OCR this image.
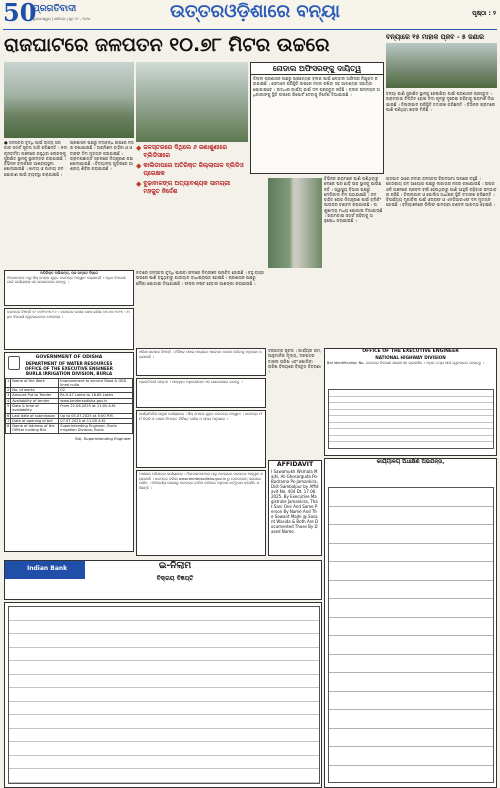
50
ପ୍ରଗତିବାଦୀ
ଭୁବନେଶ୍ୱର | ଶନିବାର | ଜୁନ ୧୯ , ୨୦୨୫	ଉତ୍ତରଓଡ଼ିଶାରେ ବନ୍ୟା	ପୃଷ୍ଠା : ୨
ରାଜଘାଟରେ ଜଳପତନ ୧୦.୭୮ ମିଟର ଉଚ୍ଚରେ	ବନ୍ୟାରେ ୧୫ ମାହାକ ପ୍ଳବ - ୫ ଜଣାର
ବନ୍ୟା ପାଣି ସୁରକ୍ଷିତ ସ୍ଥାନକୁ ନେଇଯିବା ପାଇଁ ପ୍ରଶାସନ ପ୍ରସ୍ତୁତ । ଗ୍ରାମବାସୀ ଚିନ୍ତିତ ହୋଇ ନଦୀ କୂଳରୁ ଦୂରେଇ ରହିବାକୁ ପରାମର୍ଶ ଦିଆଯାଇଛି । ଜିଲ୍ଲାପାଳ ପରିସ୍ଥିତି ତଦାରଖ କରିଛନ୍ତି । ବିଭିନ୍ନ ଗ୍ରାମରେ ପାଣି ପଶିଥିବା ଖବର ମିଳିଛି ।
● ଜଳସ୍ତର ବୃଦ୍ଧି ପାଇଁ ରାଜ୍ୟ ସରକାର ସତର୍କ ସୂଚନା ଜାରି କରିଛନ୍ତି । ନଦୀ କୂଳବର୍ତ୍ତୀ ଅଞ୍ଚଳରେ ରହୁଥିବା ଲୋକଙ୍କୁ ସୁରକ୍ଷିତ ସ୍ଥାନକୁ ସ୍ଥାନାନ୍ତର କରାଯାଉଛି । ବିଭିନ୍ନ ବ୍ଲକରେ ଆଶ୍ରୟସ୍ଥଳୀ ଖୋଲାଯାଇଛି । ଖାଦ୍ୟ ଓ ପାନୀୟ ଜଳ ଯୋଗାଣ ପାଇଁ ବ୍ୟବସ୍ଥା କରାଯାଇଛି ।
ପ୍ରଶାସନ ପକ୍ଷରୁ ନଦୀବନ୍ଧ ଉପରେ ନଜର ରଖାଯାଇଛି । ଅଗ୍ନିଶମ ବାହିନୀ ଓ ଓଡ୍ରାଫ ଟିମ ମୁତୟନ କରାଯାଇଛି । ଗ୍ରାମପଞ୍ଚାୟତ ସ୍ତରରେ ନିୟନ୍ତ୍ରଣ କକ୍ଷ ଖୋଲାଯାଇଛି । ବିଦ୍ୟାଳୟ ଗୁଡ଼ିକରେ ଆଶ୍ରୟ ଶିବିର କରାଯାଇଛି ।
ନୋଡାଲ ଅଫିସରଙ୍କୁ ଦାୟିତ୍ୱ
ଜିଲ୍ଲା ପ୍ରଶାସନ ପକ୍ଷରୁ ପ୍ରତ୍ୟେକ ବ୍ଲକ ପାଇଁ ନୋଡାଲ ଅଫିସର ନିଯୁକ୍ତ କରାଯାଇଛି । ସେମାନେ ପରିସ୍ଥିତି ଉପରେ ନଜର ରଖିବା ସହ ଆବଶ୍ୟକ ସହାୟତା ଯୋଗାଇବେ । ଉଦ୍ଧାର କାର୍ଯ୍ୟ ପାଇଁ ଦଳ ପ୍ରସ୍ତୁତ ରହିଛି । ବ୍ଲକ ଉନ୍ନୟନ ଅଧିକାରୀଙ୍କୁ ସ୍ଥିତି ଉପରେ ରିପୋର୍ଟ ଦେବାକୁ ନିର୍ଦ୍ଦେଶ ଦିଆଯାଇଛି ।
◆ ଜଳସ୍ତରରେ ଦିଥିଲେ ୬ ଜଣାଶୁଣାରେ ବ୍ଲିଡିସୀରେ
◆ କାଲିଡାପରେ ଅତିରିକ୍ତ ଜିଲ୍ଲାପାଳ ବ୍ଲିଡିଓ ପ୍ରେକ୍ଷକ
◆ ବୁଢାବାଳଙ୍ଗ ଅତ୍ୟାବଶ୍ୟକ ସାମଗ୍ରୀ ମହଜୁତ ନିର୍ଦ୍ଦେଶ
ନଦୀରେ ଜଳସ୍ତର ବୃଦ୍ଧି ପାଇବା ଫଳରେ ନିମ୍ନାଞ୍ଚଳ ପ୍ଳାବିତ ହୋଇଛି । ବହୁ ରାସ୍ତା ଉପରେ ପାଣି ବହୁଥିବାରୁ ଯାତାୟାତ ବାଧାପ୍ରାପ୍ତ ହୋଇଛି । ପ୍ରଶାସନ ପକ୍ଷରୁ ନୌକା ଯୋଗାଇ ଦିଆଯାଇଛି । ଫସଲ ନଷ୍ଟ ହେବାର ଆଶଙ୍କା କରାଯାଉଛି ।
ବିଭିନ୍ନ ଗ୍ରାମରେ ପାଣି ପଶିଥିବାରୁ ଲୋକେ ଘର ଛାଡ଼ି ଉଚ୍ଚ ସ୍ଥାନକୁ ଯାଉଛନ୍ତି । ସ୍ୱାସ୍ଥ୍ୟ ବିଭାଗ ପକ୍ଷରୁ ମେଡିକାଲ ଟିମ ପଠାଯାଇଛି । ଜଳବାହିତ ରୋଗ ନିୟନ୍ତ୍ରଣ ପାଇଁ ବ୍ଲିଚିଂ ପାଉଡର ବଣ୍ଟନ କରାଯାଉଛି । ପଶୁଖାଦ୍ୟ ମଧ୍ୟ ଯୋଗାଇ ଦିଆଯାଉଛି । ଗ୍ରାମବାସୀ ସତର୍କ ରହିବାକୁ ଅନୁରୋଧ କରାଯାଇଛି ।
ରାଜଘାଟ ଠାରେ ନଦୀର ଜଳସ୍ତର ବିପଦସୀମା ଉପରେ ବହୁଛି । କେନ୍ଦ୍ରୀୟ ଜଳ ଆୟୋଗ ପକ୍ଷରୁ ଲଗାତାର ନଜର ରଖାଯାଉଛି । ଉପରଓଳି ଅଞ୍ଚଳରେ ପ୍ରବଳ ବର୍ଷା ହେଉଥିବାରୁ ପାଣି ଆହୁରି ବଢ଼ିବାର ସମ୍ଭାବନା ରହିଛି । ଜିଲ୍ଲାପାଳ ଓ ପୋଲିସ ଅଧୀକ୍ଷକ ସ୍ଥିତି ତଦାରଖ କରିଛନ୍ତି । ବିପର୍ଯ୍ୟୟ ମୁକାବିଲା ପାଇଁ ଓଡ୍ରାଫ ଓ ଏନଡିଆରଏଫ ଦଳ ମୁତୟନ ହୋଇଛି । ବନ୍ୟାଞ୍ଚଳରେ ରିଲିଫ ସାମଗ୍ରୀ ବଣ୍ଟନ ଆରମ୍ଭ ହୋଇଛି ।
ଅତିରିକ୍ତ ଅଭିଯନ୍ତା, ଜଳ ସମ୍ପଦ ବିଭାଗ
ଠିକାଦାରଙ୍କ ଠାରୁ ସିଲ୍ ମୋହର ଯୁକ୍ତ ଦରପତ୍ର ଆହ୍ୱାନ କରାଯାଉଛି । ଅଧିକ ବିବରଣୀ ପାଇଁ କାର୍ଯ୍ୟାଳୟ ସହ ଯୋଗାଯୋଗ କରନ୍ତୁ ।
ଦରପତ୍ର ବିଜ୍ଞପ୍ତି ନଂ ୦୧/୨୦୨୫-୨୬ । ଦରପତ୍ର ଦାଖଲ ଶେଷ ତାରିଖ ୦୫.୦୭.୨୦୨୫ । ଅଧିକ ବିବରଣୀ ୱେବସାଇଟରେ ଉପଲବ୍ଧ ।
GOVERNMENT OF ODISHA
DEPARTMENT OF WATER RESOURCES
OFFICE OF THE EXECUTIVE ENGINEER
BURLA IRRIGATION DIVISION, BURLA
1	Name of the Work	Improvement to service Road & GED lined nulla
2	No. of works	02
3	Amount Put to Tender	Rs.9.47 Lakhs to 18.65 Lakhs
4	Availability of tender	www.tendersodisha.gov.in
5	Date & time of availability	From 22.06.2025 at 11:00 A.M.
6	Last date of submission	Up to 05.07.2025 at 5:00 P.M.
7	Date of opening of bid	07.07.2025 at 11:00 A.M.
8	Name of Address of the Officer Inviting Bid	Superintending Engineer, Burla Irrigation Division, Burla
Sd/- Superintending Engineer
ଓଡ଼ିଶା ସରକାର ବିଜ୍ଞପ୍ତି । ନିର୍ଦ୍ଦିଷ୍ଟ ସମୟ ମଧ୍ୟରେ ଆବେଦନ ଦାଖଲ କରିବାକୁ ଅନୁରୋଧ କରାଯାଉଛି ।
ପ୍ରଗତିବାଦୀ ସମ୍ବାଦ । ସମ୍ପୃକ୍ତ ଅଧିକାରୀଙ୍କ ସହ ଯୋଗାଯୋଗ କରନ୍ତୁ ।
କାର୍ଯ୍ୟନିର୍ବାହୀ ଯନ୍ତ୍ରୀ କାର୍ଯ୍ୟାଳୟ । ସିଲ୍ ମୋହର ଯୁକ୍ତ ଦରପତ୍ର ଆହ୍ୱାନ । ଦରପତ୍ର ଫର୍ମ ବିକ୍ରି ଓ ଦାଖଲ ନିମନ୍ତେ ନିର୍ଦ୍ଦିଷ୍ଟ ତାରିଖ ଓ ସମୟ ଅନୁସାରେ ।
ଅଧୀକ୍ଷଣ ଅଭିଯନ୍ତା କାର୍ଯ୍ୟାଳୟ । ଠିକାଦାରମାନଙ୍କ ଠାରୁ ଅନଲାଇନ୍ ଦରପତ୍ର ଆହ୍ୱାନ କରାଯାଉଛି । ଦରପତ୍ର ଦଲିଲ www.tendersodisha.gov.in ରୁ ଡାଉନଲୋଡ୍ କରାଯାଇପାରିବ । ଅନିବାର୍ଯ୍ୟ କାରଣରୁ ଦରପତ୍ର ବାତିଲ କରିବାର ଅଧିକାର କର୍ତ୍ତୃପକ୍ଷ ସଂରକ୍ଷିତ ରଖିଛନ୍ତି ।
ଦରପତ୍ର ସୂଚନା । କାର୍ଯ୍ୟର ନାମ, ଆନୁମାନିକ ମୂଲ୍ୟ, ଦରପତ୍ର ଦାଖଲ ତାରିଖ ଏବଂ ଖୋଲିବା ତାରିଖ ବିଷୟରେ ବିସ୍ତୃତ ବିବରଣୀ ।
AFFIDAVIT
I Sawamukh Wsmala Majhi, At-Ghosarguda Po-Badrama Ps-Jamankira, Dist-Sambalpur by Affidavit No. 404 Dt. 17.06.2025. By Executive Magistrate Jamankira, That Sani One And Same Person By Name And The Sawant Majhi @ Sasant Wasida & Both Are Documented Those By Dased Name.
OFFICE OF THE EXECUTIVE ENGINEER
NATIONAL HIGHWAY DIVISION
Bid Identification No. ଦରପତ୍ର ବିବରଣୀ ସାରଣୀ ସହ ପ୍ରକାଶିତ । ଅଧିକ ତଥ୍ୟ ପାଇଁ ୱେବସାଇଟ ଦେଖନ୍ତୁ ।
କାର୍ଯ୍ୟାଳୟ ଅଧୀକ୍ଷଣ ଅଭିଯନ୍ତା,
Indian Bank	ଇ-ନିଲାମ
ବିକ୍ରୟ ବିଜ୍ଞପ୍ତି
